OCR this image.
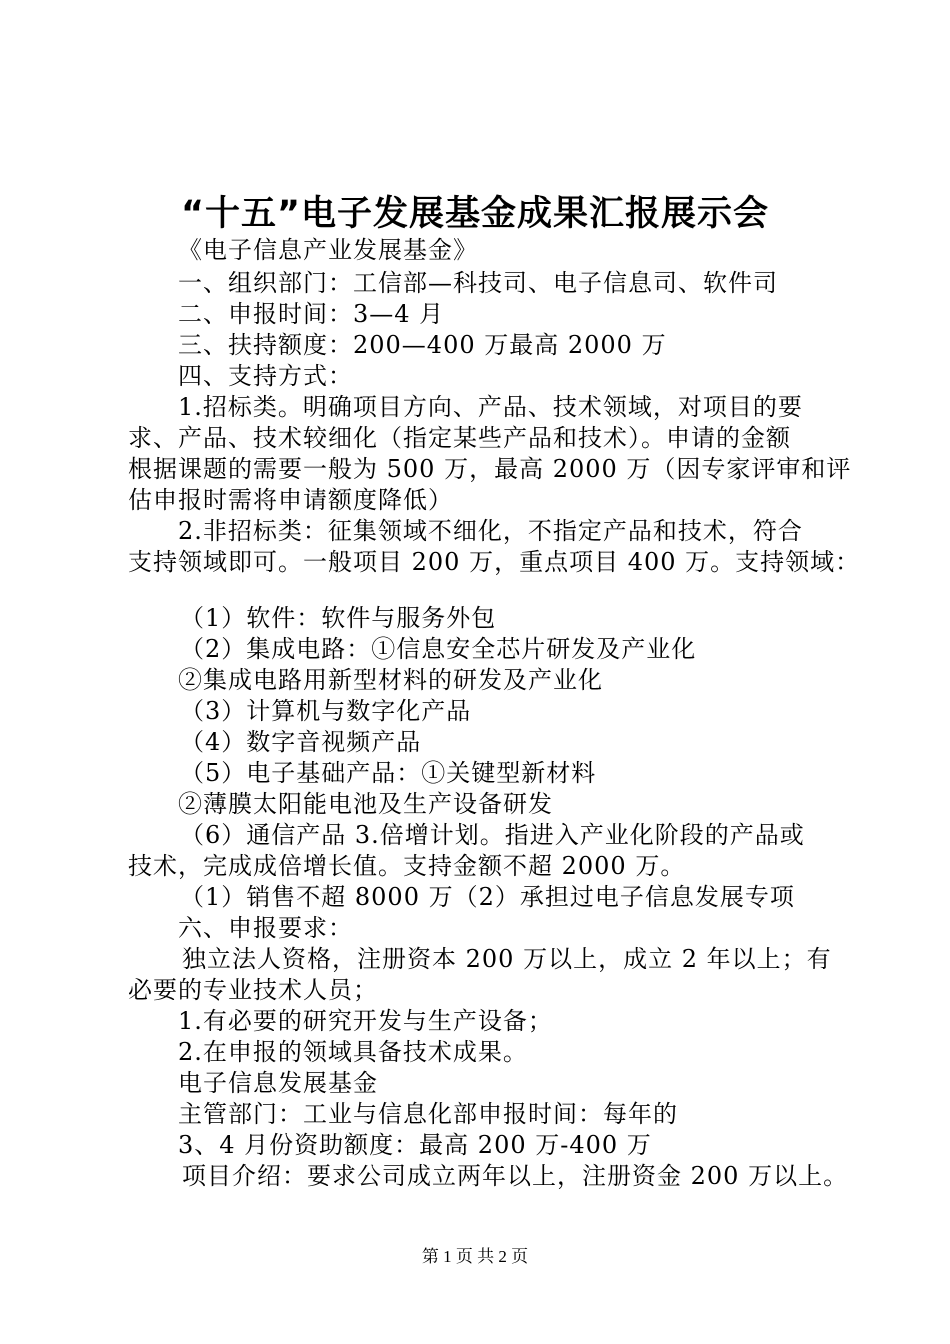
“十五”电子发展基金成果汇报展示会
《电子信息产业发展基金》
一、组织部门：工信部—科技司、电子信息司、软件司
二、申报时间：3—4 月
三、扶持额度：200—400 万最高 2000 万
四、支持方式：
1.招标类。明确项目方向、产品、技术领域，对项目的要
求、产品、技术较细化（指定某些产品和技术）。申请的金额
根据课题的需要一般为 500 万，最高 2000 万（因专家评审和评
估申报时需将申请额度降低）
2.非招标类：征集领域不细化，不指定产品和技术，符合
支持领域即可。一般项目 200 万，重点项目 400 万。支持领域：
（1）软件：软件与服务外包
（2）集成电路：①信息安全芯片研发及产业化
②集成电路用新型材料的研发及产业化
（3）计算机与数字化产品
（4）数字音视频产品
（5）电子基础产品：①关键型新材料
②薄膜太阳能电池及生产设备研发
（6）通信产品 3.倍增计划。指进入产业化阶段的产品或
技术，完成成倍增长值。支持金额不超 2000 万。
（1）销售不超 8000 万（2）承担过电子信息发展专项
六、申报要求：
独立法人资格，注册资本 200 万以上，成立 2 年以上；有
必要的专业技术人员；
1.有必要的研究开发与生产设备；
2.在申报的领域具备技术成果。
电子信息发展基金
主管部门：工业与信息化部申报时间：每年的
3、4 月份资助额度：最高 200 万-400 万
项目介绍：要求公司成立两年以上，注册资金 200 万以上。
第 1 页 共 2 页
